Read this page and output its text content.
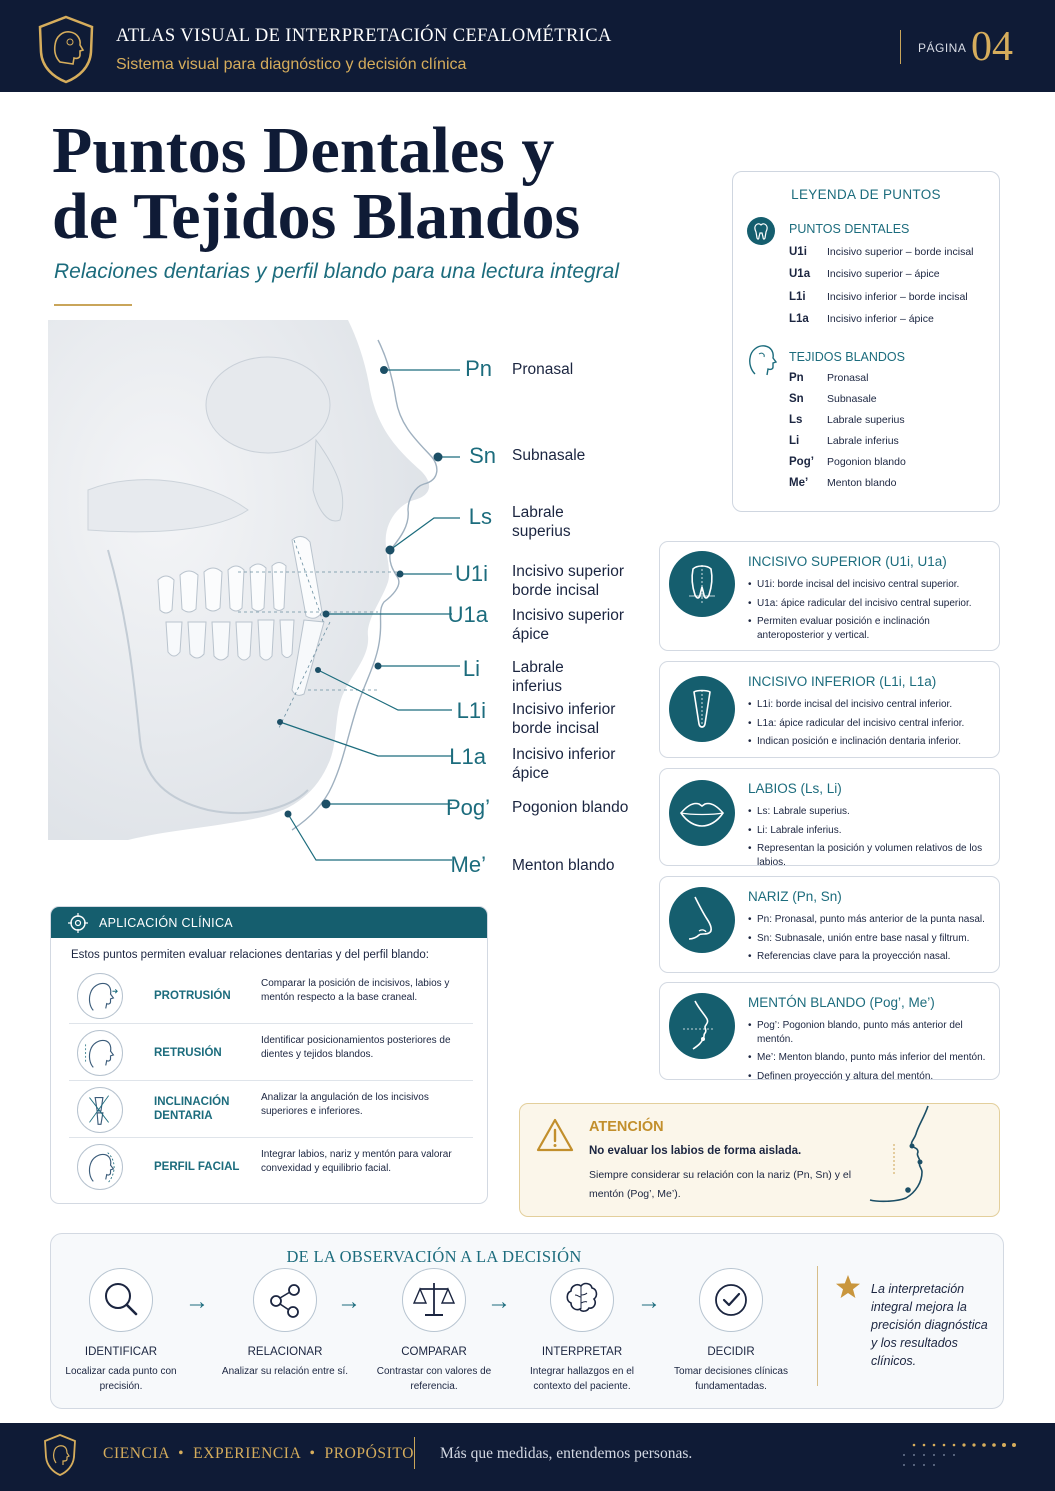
ATLAS VISUAL DE INTERPRETACIÓN CEFALOMÉTRICA
Sistema visual para diagnóstico y decisión clínica
PÁGINA 04
Puntos Dentales y
de Tejidos Blandos
Relaciones dentarias y perfil blando para una lectura integral
Pn Pronasal
Sn Subnasale
Ls Labrale
superius
U1i Incisivo superior
borde incisal
U1a Incisivo superior
ápice
Li Labrale
inferius
L1i Incisivo inferior
borde incisal
L1a Incisivo inferior
ápice
Pog’ Pogonion blando
Me’ Menton blando
LEYENDA DE PUNTOS
PUNTOS DENTALES
U1i Incisivo superior – borde incisal
U1a Incisivo superior – ápice
L1i Incisivo inferior – borde incisal
L1a Incisivo inferior – ápice
TEJIDOS BLANDOS
Pn Pronasal
Sn Subnasale
Ls Labrale superius
Li	Labrale inferius
Pog’ Pogonion blando
Me’ Menton blando
INCISIVO SUPERIOR (U1i, U1a)
• U1i: borde incisal del incisivo central superior.
• U1a: ápice radicular del incisivo central superior.
• Permiten evaluar posición e inclinación anteroposterior y vertical.
INCISIVO INFERIOR (L1i, L1a)
• L1i: borde incisal del incisivo central inferior.
• L1a: ápice radicular del incisivo central inferior.
• Indican posición e inclinación dentaria inferior.
LABIOS (Ls, Li)
• Ls: Labrale superius.
• Li: Labrale inferius.
• Representan la posición y volumen relativos de los labios.
NARIZ (Pn, Sn)
• Pn: Pronasal, punto más anterior de la punta nasal.
• Sn: Subnasale, unión entre base nasal y filtrum.
• Referencias clave para la proyección nasal.
MENTÓN BLANDO (Pog’, Me’)
• Pog’: Pogonion blando, punto más anterior del mentón.
• Me’: Menton blando, punto más inferior del mentón.
• Definen proyección y altura del mentón.
APLICACIÓN CLÍNICA
Estos puntos permiten evaluar relaciones dentarias y del perfil blando:
PROTRUSIÓN
Comparar la posición de incisivos, labios y mentón respecto a la base craneal.
RETRUSIÓN
Identificar posicionamientos posteriores de dientes y tejidos blandos.
INCLINACIÓN
DENTARIA
Analizar la angulación de los incisivos superiores e inferiores.
PERFIL FACIAL
Integrar labios, nariz y mentón para valorar convexidad y equilibrio facial.
ATENCIÓN
No evaluar los labios de forma aislada.
Siempre considerar su relación con la nariz (Pn, Sn) y el mentón (Pog’, Me’).
DE LA OBSERVACIÓN A LA DECISIÓN
IDENTIFICAR
Localizar cada punto con precisión.
→
RELACIONAR
Analizar su relación entre sí.
→
COMPARAR
Contrastar con valores de referencia.
→
INTERPRETAR
Integrar hallazgos en el contexto del paciente.
→
DECIDIR
Tomar decisiones clínicas fundamentadas.
La interpretación integral mejora la precisión diagnóstica y los resultados clínicos.
CIENCIA  •  EXPERIENCIA  •  PROPÓSITO Más que medidas, entendemos personas.
